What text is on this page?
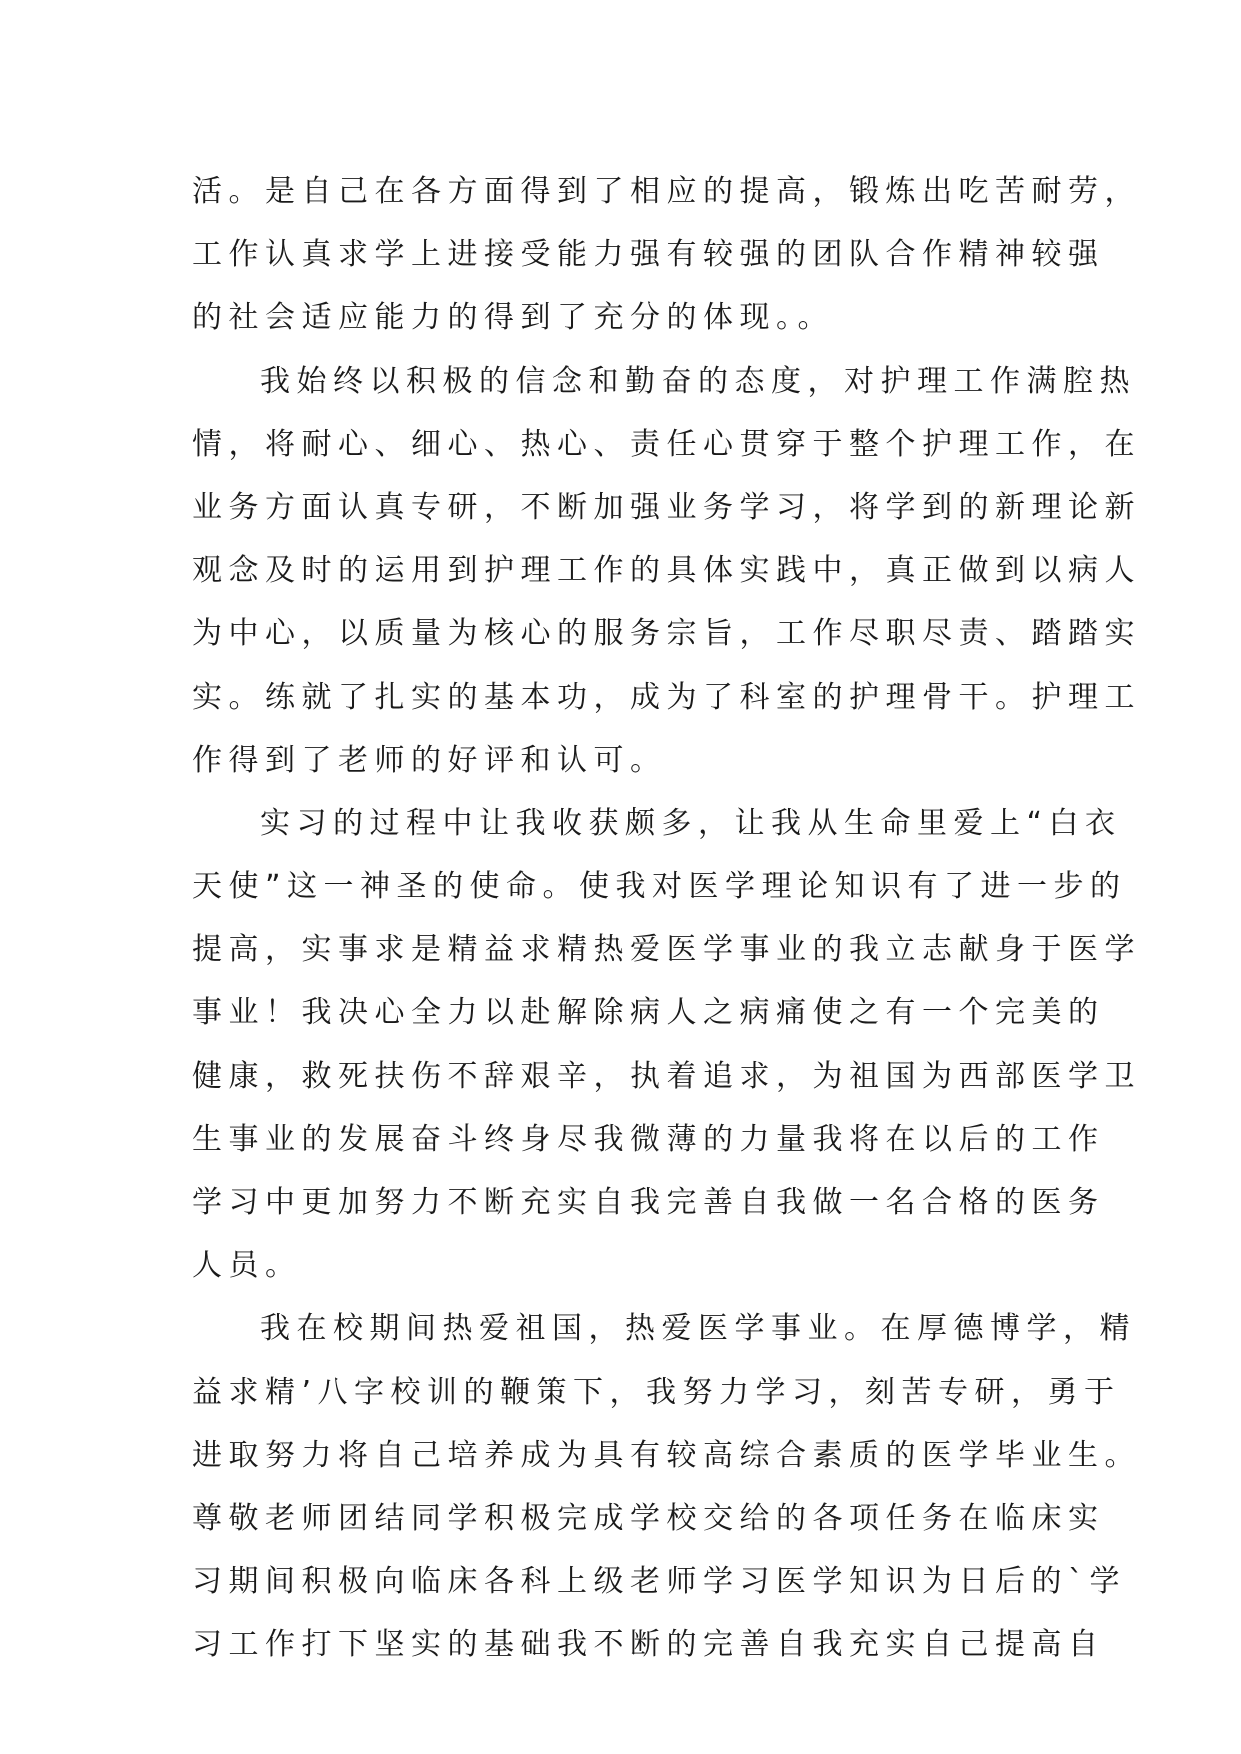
活。是自己在各方面得到了相应的提高，锻炼出吃苦耐劳，
工作认真求学上进接受能力强有较强的团队合作精神较强
的社会适应能力的得到了充分的体现。。
我始终以积极的信念和勤奋的态度，对护理工作满腔热
情，将耐心、细心、热心、责任心贯穿于整个护理工作，在
业务方面认真专研，不断加强业务学习，将学到的新理论新
观念及时的运用到护理工作的具体实践中，真正做到以病人
为中心，以质量为核心的服务宗旨，工作尽职尽责、踏踏实
实。练就了扎实的基本功，成为了科室的护理骨干。护理工
作得到了老师的好评和认可。
实习的过程中让我收获颇多，让我从生命里爱上“白衣
天使”这一神圣的使命。使我对医学理论知识有了进一步的
提高，实事求是精益求精热爱医学事业的我立志献身于医学
事业！我决心全力以赴解除病人之病痛使之有一个完美的
健康，救死扶伤不辞艰辛，执着追求，为祖国为西部医学卫
生事业的发展奋斗终身尽我微薄的力量我将在以后的工作
学习中更加努力不断充实自我完善自我做一名合格的医务
人员。
我在校期间热爱祖国，热爱医学事业。在厚德博学，精
益求精’八字校训的鞭策下，我努力学习，刻苦专研，勇于
进取努力将自己培养成为具有较高综合素质的医学毕业生。
尊敬老师团结同学积极完成学校交给的各项任务在临床实
习期间积极向临床各科上级老师学习医学知识为日后的`学
习工作打下坚实的基础我不断的完善自我充实自己提高自
